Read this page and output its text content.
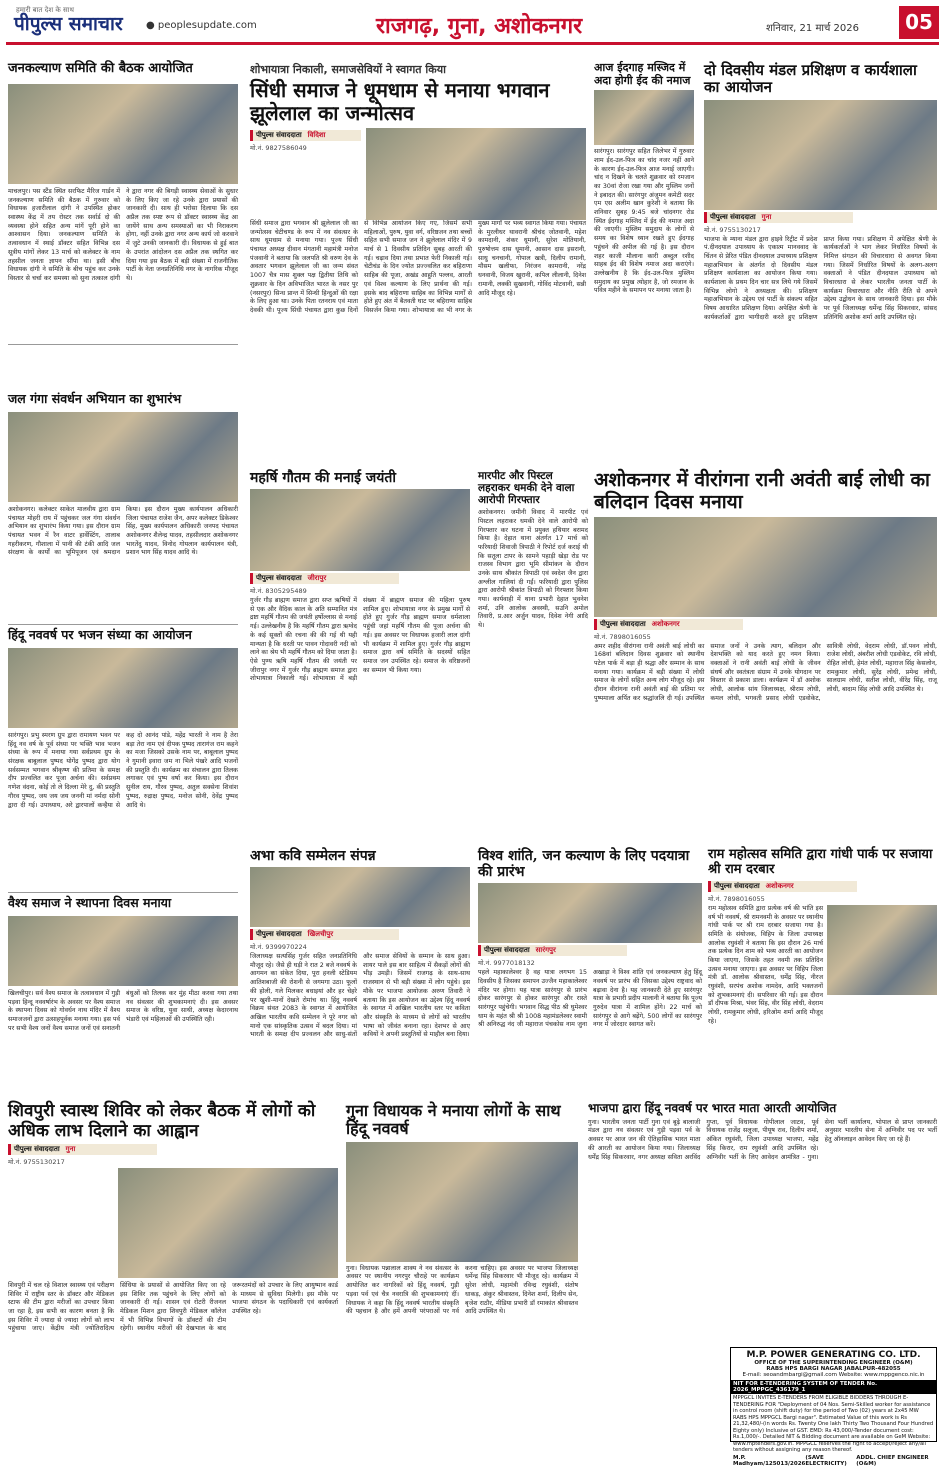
हमारी बात देश के साथ
पीपुल्स समाचार ● peoplesupdate.com	राजगढ़, गुना, अशोकनगर	शनिवार, 21 मार्च 2026	05
जनकल्याण समिति की बैठक आयोजित
माचलपुर। पस स्टैंड स्थित सरफिट मैरिज गार्डन में जनकल्याण समिति की बैठक में गुरुवार को विधायक हजारीलाल दांगी ने उपस्थित होकर स्वास्थ्य केंद्र में तय रोस्टर तक सर्वार्ड दो की व्यवस्था होने सहित अन्य मांगें पूरी होने का आश्वासन दिया। जनकल्याण समिति के तत्वावधान में स्थाई डॉक्टर सहित विभिन्न दस सूत्रीय मांगों लेकर 13 मार्च को कलेक्टर के नाम तहसील जनता ज्ञापन सौंपा था। इसी बीच विधायक दांगी ने समिति के बीच पहुंच कर उनके विस्तार से चर्चा कर समस्या को सुना तत्काल दांगी ने द्वारा नगर की बिगड़ी स्वास्थ्य सेवाओं के सुधार के लिए किए जा रहे उनके द्वारा प्रयासों की जानकारी दी। साथ ही भरोसा दिलाया कि दस अप्रैल तक स्पष्ट रूप से डॉक्टर स्वास्थ्य केंद्र आ जायेंगे साथ अन्य समस्याओं का भी निराकरण होगा, नहीं उनके द्वारा नगर अन्य कार्य जो करवाने में जुटे उनकी जानकारी दी। विधायक से हुई बात के उपरांत आंदोलन दस अप्रैल तक स्थगित कर दिया गया इस बैठक में बड़ी संख्या में राजनीतिक पार्टी के नेता जनप्रतिनिधि नगर के नागरिक मौजूद थे।
जल गंगा संवर्धन अभियान का शुभारंभ
अशोकनगर। कलेक्टर साकेत मालवीय द्वारा ग्राम पंचायत मोहरी राय में पहुंचकर जल गंगा संवर्धन अभियान का शुभारंभ किया गया। इस दौरान ग्राम पंचायत भवन में रैन वाटर हार्वेस्टिंग, तालाब गहरीकरण, गौशाला में पानी की टंकी आदि जल संरक्षण के कार्यों का भूमिपूजन एवं श्रमदान किया। इस दौरान मुख्य कार्यपालन अधिकारी जिला पंचायत राजेश जैन, अपर कलेक्टर डिकेश्वर सिंह, मुख्य कार्यपालन अधिकारी जनपद पंचायत अशोकनगर शैलेन्द्र यादव, तहसीलदार अशोकनगर भारतेंदु यादव, विनोद गोयलान कार्यपालन यंत्री, प्रशान भाग सिंह यादव आदि थे।
हिंदू नववर्ष पर भजन संध्या का आयोजन
सारंगपुर। प्रभु स्मरण ग्रुप द्वारा रामायण भवन पर हिंदू नव वर्ष के पूर्व संध्या पर भक्ति भाव भजन संध्या के रूप में मनाया गया सर्वप्रथम ग्रुप के संरक्षक बाबूलाल पुष्पद योगेंद्र पुष्पद द्वारा योग सर्वसम्मत भगवान श्रीकृष्ण की प्रतिमा के समक्ष दीप प्रज्वलित कर पूजा अर्चना की। सर्वप्रथम गणेश वंदना, कोई तो ले दिल्ला मेरे दु, की प्रस्तुति गौरव पुष्पद, जय जय जय जननी मां नर्मदा सोनी द्वारा दी गई। उपाध्याय, अरे द्वारपालों कन्हैया से कह दो आनंद पांडे, महेंद्र भारती ने नाम है तेरा बड़ा तेरा नाम एवं दीपक पुष्पद तारागंज राम कहने का मजा जिसको उसके नाम पर, बाबूलाल पुष्पद ने गुमानी इवारा जम ना भिले पंखरे आदि भजनों की प्रस्तुति दी। कार्यक्रम का संचालन द्वारा तिलक लगाकर एवं पुष्प वर्षा कर किया। इस दौरान सुनील राय, गौरव पुष्पद, अतुल सक्सेना शिवांश पुष्पद, रुद्राक्ष पुष्पद, मनोज सोनी, देवेंद्र पुष्पद आदि थे।
वैश्य समाज ने स्थापना दिवस मनाया
खिलचीपुर। सर्व वैश्य समाज के तत्वावधान में गुड़ी पड़वा हिन्दू नववर्षारंभ के अवसर पर वैश्य समाज के स्थापना दिवस को गोवर्धन नाथ मंदिर में वैश्य समाजजनों द्वारा उत्साहपूर्वक मनाया गया। इस पर्व पर सभी वैश्य जनों वैश्य समाज जनों एवं सनातनी बंधुओं को तिलक कर मुंह मीठा करवा गया तथा नव संवत्सर की शुभकामनाएं दी। इस अवसर समाज के वरिष्ठ, युवा साथी, अध्यक्ष केदारनाथ भंडारी एवं महिलाओं की उपस्थिति रही।
शोभायात्रा निकाली, समाजसेवियों ने स्वागत किया
सिंधी समाज ने धूमधाम से मनाया भगवान झूलेलाल का जन्मोत्सव
पीपुल्स संवाददाता विदिशा
मो.नं. 9827586049
सिंधी समाज द्वारा भगवान श्री झूलेलाल जी का जन्मोत्सव चेटीचण्ड के रूप में नव संवत्सर के साथ धूमधाम से मनाया गया। पूज्य सिंधी पंचायत अध्यक्ष दीवान मंगतानी महामंत्री मनोज पंजवानी ने बताया कि जलपति श्री वरुण देव के अवतार भगवान झूलेलाल जी का जन्म संवत 1007 चैत्र मास शुक्ल पक्ष द्वितीया तिथि को शुक्रवार के दिन अविभाजित भारत के नसर पुर (नसरपुर) सिन्ध प्रान्त में सिन्धी हिन्दुओं की रक्षा के लिए हुआ था। उनके पिता रतनराय एवं माता देवकी थी। पूज्य सिंधी पंचायत द्वारा कुछ दिनों से विभिन्न आयोजन किए गए, जिसमें सभी महिलाओं, पुरुष, युवा वर्ग, वरिष्ठजन तथा बच्चों सहित सभी समाज जन ने झूलेलाल मंदिर में 9 मार्च से 1 दिवसीय प्रतिदिन सुबह आरती की गई। चढ़ाव दिया तथा प्रभात फेरी निकाली गई। चेटीचंड के दिन ज्योत प्रज्ज्वलित कर बहिराणा साहिब की पूजा, अखंड आहुति पल्लव, आरती एवं विश्व कल्याण के लिए प्रार्थना की गई। इसके बाद बहिराणा साहिब का विभिन्न मार्गों से होते हुए अंत में बैतवती घाट पर बहिराणा साहिब विसर्जन किया गया। शोभायात्रा का भी नगर के मुख्य मार्गों पर भव्य स्वागत किया गया। पंचायत के मुरलीधर थावरानी श्रीचंद जोतवानी, महेश कामदानी, शंकर धूमानी, सुरेश मोतियानी, पुरुषोत्तम दास धूमानी, आसान दास इसरानी, साधु चनचानी, गोपाल खत्री, दिलीप रामानी, मौसम खलीफा, निरंजन कामरानी, नरेंद्र धनवानी, विजय खुरानी, कपिल लीलानी, दिनेश रामानी, लक्की सुखवानी, गोविंद मोटवानी, सन्नी आदि मौजूद रहे।
आज ईदगाह मस्जिद में अदा होगी ईद की नमाज
सारंगपुर। सारंगपुर सहित जिलेभर में गुरुवार शाम ईद-उल-फित्र का चांद नजर नहीं आने के कारण ईद-उल-फित्र आज मनाई जाएगी। चांद न दिखने के चलते शुक्रवार को रमजान का 30वां रोजा रखा गया और मुस्लिम जनों ने इबादत की। सारंगपुर अंजुमन कमेटी सदर एम एस अलीम खान कुरेशी ने बताया कि शनिवार सुबह 9:45 बजे चांदनगर रोड स्थित ईदगाह मस्जिद में ईद की नमाज अदा की जाएगी। मुस्लिम समुदाय के लोगों से समय का विशेष ध्यान रखते हुए ईदगाह पहुंचने की अपील की गई है। इस दौरान शहर काजी मौलाना कारी अब्दुल रशीद साहब ईद की विशेष नमाज अदा कराएंगे। उल्लेखनीय है कि ईद-उल-फित्र मुस्लिम समुदाय का प्रमुख त्योहार है, जो रमजान के पवित्र महीने के समापन पर मनाया जाता है।
दो दिवसीय मंडल प्रशिक्षण व कार्यशाला का आयोजन
पीपुल्स संवाददाता गुना
मो.नं. 9755130217
भाजपा के म्याना मंडल द्वारा हाइवे रिट्रीट में प्रदेश पं.दीनदयाल उपाध्याय के एकात्म मानववाद के चिंतन से प्रेरित पंडित दीनदयाल उपाध्याय प्रशिक्षण महाअभियान के अंतर्गत दो दिवसीय मंडल प्रशिक्षण कार्यशाला का आयोजन किया गया। कार्यशाला के प्रथम दिन चार सत्र लिये गये जिसमें विभिन्न लोगो ने अध्यक्षता की। प्रशिक्षण महाअभियान के उद्देश्य एवं पार्टी के संकल्प सहित विषय आधारित प्रशिक्षण दिया। अपेक्षित श्रेणी के कार्यकर्ताओं द्वारा भागीदारी करते हुए प्रशिक्षण प्राप्त किया गया। प्रशिक्षण में अपेक्षित श्रेणी के कार्यकर्ताओं ने भाग लेकर निर्धारित विषयों के निमित्त संगठन की विचारधारा से अवगत किया गया। जिसमें निर्धारित विषयों के अलग-अलग वक्ताओं ने पंडित दीनदयाल उपाध्याय को विचारधारा से लेकर भारतीय जनता पार्टी के कार्यक्रम विचारधारा और नीति रीति से अपने उद्देश्य उद्बोधन के साथ जानकारी दिया। इस मौके पर पूर्व जिलाध्यक्ष धर्मेन्द्र सिंह सिकरवार, सांसद प्रतिनिधि अशोक शर्मा आदि उपस्थित रहे।
महर्षि गौतम की मनाई जयंती
पीपुल्स संवाददाता जीरापुर
मो.नं. 8305295489
गुर्जर गौड़ ब्राह्मण समाज द्वारा सप्त ऋषियों में से एक और वैदिक काल के अति सम्मानित मंत्र द्रष्टा महर्षि गौतम की जयंती हर्षोल्लास से मनाई गई। उल्लेखनीय है कि महर्षि गौतम द्वारा ऋग्वेद के कई सूक्तों की रचना की की गई थी यही मान्यता है कि धरती पर पावन गोदावरी नदी को लाने का श्रेय भी महर्षि गौतम को दिया जाता है। ऐसे पुण्य ऋषि महर्षि गौतम की जयंती पर जीरापुर नगर में गुर्जर गौड़ ब्राह्मण समाज द्वारा शोभायात्रा निकाली गई। शोभायात्रा में बड़ी संख्या में ब्राह्मण समाज की महिला पुरुष शामिल हुए। शोभायात्रा नगर के प्रमुख मार्गों से होते हुए गुर्जर गौड़ ब्राह्मण समाज धर्मशाला पहुंची जहां महर्षि गौतम की पूजा अर्चना की गई। इस अवसर पर विधायक हजारी लाल दांगी भी कार्यक्रम में शामिल हुए। गुर्जर गौड़ ब्राह्मण समाज द्वारा वर्ष समिति के सदस्यों सहित समाज जन उपस्थित रहे। समाज के वरिष्ठजनों का सम्मान भी किया गया।
मारपीट और पिस्टल लहराकर धमकी देने वाला आरोपी गिरफ्तार
अशोकनगर। जमीनी विवाद में मारपीट एवं पिस्टल लहराकर धमकी देने वाले आरोपी को गिरफ्तार कर घटना में प्रयुक्त हथियार बरामद किया है। देहात थाना अंतर्गत 17 मार्च को फरियादी शिवाजी त्रिपाठी ने रिपोर्ट दर्ज कराई थी कि सतूला टापर के सामने पहाड़ी खेड़ा रोड पर राजस्व विभाग द्वारा भूमि सीमांकन के दौरान उनके साथ श्रीकांत त्रिपाठी एवं स्वदेश जैन द्वारा अश्लील गालियां दी गईं। फरियादी द्वारा पुलिस द्वारा आरोपी श्रीकांत त्रिपाठी को गिरफ्तार किया गया। कार्यवाही में थाना प्रभारी देहात भुवनेश शर्मा, उनि आलोक अवस्थी, सउनि अमोल तिवारी, प्र.आर अर्जुन यादव, दिवेश नेगी आदि थे।
अशोकनगर में वीरांगना रानी अवंती बाई लोधी का बलिदान दिवस मनाया
पीपुल्स संवाददाता अशोकनगर
मो.नं. 7898016055
अमर शहीद वीरांगना रानी अवंती बाई लोधी का 168वां बलिदान दिवस शुक्रवार को स्थानीय पटेल पार्क में बड़ा ही श्रद्धा और सम्मान के साथ मनाया गया। कार्यक्रम में बड़ी संख्या में लोधी समाज के लोगों सहित अन्य लोग मौजूद रहे। इस दौरान वीरांगना रानी अवंती बाई की प्रतिमा पर पुष्पमाला अर्पित कर श्रद्धांजलि दी गई। उपस्थित समाज जनों ने उनके त्याग, बलिदान और देशभक्ति को याद करते हुए नमन किया। वक्ताओं ने रानी अवंती बाई लोधी के जीवन संघर्ष और स्वतंत्रता संग्राम में उनके योगदान पर विस्तार से प्रकाश डाला। कार्यक्रम में डॉ अशोक लोधी, आलोक सांय जिलाध्यक्ष, श्रीराम लोधी, कमल लोधी, भगवती प्रसाद लोधी एडवोकेट, सावित्री लोधी, वेदराम लोधी, डॉ.पवन लोधी, राजेश लोधी, अंबरीश लोधी एडवोकेट, रवि लोधी, रोहित लोधी, हेमंत लोधी, महाराज सिंह केसलोन, रामकुमार लोधी, सुरेंद्र लोधी, प्रमेन्द्र लोधी, सालग्राम लोधी, सतीश लोधी, वीरेंद्र सिंह, राजू लोधी, बादाम सिंह लोधी आदि उपस्थित थे।
अभा कवि सम्मेलन संपन्न
पीपुल्स संवाददाता खिलचीपुर
मो.नं. 9399970224
जिलाध्यक्ष सत्यसिंह गुर्जर सहित जनप्रतिनिधि मौजूद रहे। जैसे ही घड़ी ने रात 2 बजे नववर्ष के आगमन का संकेत दिया, पूरा हनली स्टेडियम आतिशबाजी की रोशनी से जगमगा उठा। फूलों की होली, गले मिलकर बधाइयां और हर चेहरे पर खुशी-मानों देखते रोमांच था। हिंदू नववर्ष विक्रम संवत 2083 के स्वागत में आयोजित अखिल भारतीय कवि सम्मेलन ने पूरे नगर को मानो एक सांस्कृतिक उत्सव में बदल दिया। मां भारती के समक्ष दीप प्रज्वलन और साधु-संतों और समाज सेवियों के सम्मान के साथ हुआ। शायर पाले इस बार साहित्य में सैकड़ों लोगों की भीड़ उमड़ी। जिसमें राजगढ़ के साथ-साथ राजस्थान से भी बड़ी संख्या में लोग पहुंचे। इस मौके पर भाजपा आयोजक अरुण तिवारी ने बताया कि इस आयोजन का उद्देश्य हिंदू नववर्ष के स्वागत में अखिल भारतीय स्तर पर कविता और संस्कृति के माध्यम से लोगों को भारतीय भाषा को जीवंत बनाना रहा। देशभर से आए कवियों ने अपनी प्रस्तुतियों से माहौल बना दिया।
विश्व शांति, जन कल्याण के लिए पदयात्रा की प्रारंभ
पीपुल्स संवाददाता सारंगपुर
मो.नं. 9977018132
पहले महाकालेश्वर है वह यात्रा लगभग 15 दिवसीय है जिसका समापन उज्जैन महाकालेश्वर मंदिर पर होगा। यह यात्रा सारंगपुर से प्रारंभ होकर सारंगपुर से होकर सारंगपुर और रास्ते सारंगपुर पहुंचेगी। भगवान सिद्ध पीठ श्री घुमेश्वर धाम के महंत श्री श्री 1008 महामंडलेश्वर स्वामी श्री अनिरुद्ध नंद जी महाराज पंचकोस नाम जुना अखाड़ा ने विश्व शांति एवं जनकल्याण हेतु हिंदू नववर्ष पर प्रारंभ की जिसका उद्देश्य राष्ट्रवाद को बढ़ावा देना है। यह जानकारी देते हुए सारंगपुर यात्रा के प्रभारी प्रदीप मालानी ने बताया कि पूज्य गुरुदेव यात्रा में शामिल होंगे। 22 मार्च को सारंगपुर से आगे बढ़ेंगे, 500 लोगों का सारंगपुर नगर में जोरदार स्वागत करें।
राम महोत्सव समिति द्वारा गांधी पार्क पर सजाया श्री राम दरबार
पीपुल्स संवाददाता अशोकनगर
मो.नं. 7898016055
राम महोत्सव समिति द्वारा प्रत्येक वर्ष की भांति इस वर्ष भी नववर्ष, श्री रामनवमी के अवसर पर स्थानीय गांधी पार्क पर श्री राम दरबार सजाया गया है। समिति के संयोजक, विहिप के जिला उपाध्यक्ष आलोक रघुवंशी ने बताया कि इस दौरान 26 मार्च तक प्रत्येक दिन शाम को भव्य आरती का आयोजन किया जाएगा, जिसके तहत नवमी तक प्रतिदिन उत्सव मनाया जाएगा। इस अवसर पर विहिप जिला मंत्री डॉ. आलोक श्रीवास्तव, धर्मेंद्र सिंह, नीरज रघुवंशी, सरपंच अशोक नामदेव, आदि भक्तजनों को शुभकामनाएं दी। सपरिवार की गई। इस दौरान डॉ दीपक मिश्रा, भंवर सिंह, वीर सिंह लोधी, वेदराम लोधी, रामकुमार लोधी, हरिओम शर्मा आदि मौजूद रहे।
शिवपुरी स्वास्थ शिविर को लेकर बैठक में लोगों को अधिक लाभ दिलाने का आह्वान
पीपुल्स संवाददाता गुना
मो.नं. 9755130217
शिवपुरी में चल रहे विशाल स्वास्थ्य एवं परीक्षण शिविर में राष्ट्रीय स्तर के डॉक्टर और मेडिकल स्टाफ की टीम द्वारा मरीजों का उपचार किया जा रहा है, इस सभी का कारण बनता है कि इस शिविर में ज्यादा से ज्यादा लोगों को लाभ पहुंचाया जाए। केंद्रीय मंत्री ज्योतिरादित्य सिंधिया के प्रयासों से आयोजित किए जा रहे इस शिविर तक पहुंचने के लिए लोगों को जानकारी दी गई। शासन एवं रोटरी रीजनल मेडिकल मिशन द्वारा शिवपुरी मेडिकल कॉलेज में भी विभिन्न विभागों के डॉक्टरों की टीम रहेगी। स्थानीय मरीजों की देखभाल के बाद जरूरतमंदों को उपचार के लिए आयुष्मान कार्ड के माध्यम से सुविधा मिलेगी। इस मौके पर भाजपा संगठन के पदाधिकारी एवं कार्यकर्ता उपस्थित रहे।
गुना विधायक ने मनाया लोगों के साथ हिंदू नववर्ष
गुना। विधायक पन्नालाल शाक्य ने नव संवत्सर के अवसर पर स्थानीय नगरपुर चौराहे पर कार्यक्रम आयोजित कर नागरिकों को हिंदू नववर्ष, गुड़ी पड़वा पर्व एवं चैत्र नवरात्रि की शुभकामनाएं दीं। विधायक ने कहा कि हिंदू नववर्ष भारतीय संस्कृति की पहचान है और हमें अपनी परंपराओं पर गर्व करना चाहिए। इस अवसर पर भाजपा जिलाध्यक्ष धर्मेन्द्र सिंह सिकरवार भी मौजूद रहे। कार्यक्रम में सुरेश लोधी, महामंत्री रविन्द्र रघुवंशी, संतोष धाकड़, अंकुर श्रीवास्तव, दिनेश शर्मा, दिलीप सेन, बृजेश राठौर, मीडिया प्रभारी डॉ रमाकांत श्रीवास्तव आदि उपस्थित थे।
भाजपा द्वारा हिंदू नववर्ष पर भारत माता आरती आयोजित
गुना। भारतीय जनता पार्टी गुना एवं बूढ़े बालाजी मंडल द्वारा नव संवत्सर एवं गुड़ी पड़वा पर्व के अवसर पर आज जन की ऐतिहासिक भारत माता की आरती का आयोजन किया गया। जिलाध्यक्ष धर्मेंद्र सिंह सिकरवार, नगर अध्यक्ष सविता अरविंद गुप्ता, पूर्व विधायक गोपीलाल जाटव, पूर्व विधायक राजेंद्र सलूजा, पीयूष राव, दिलीप शर्मा, अंकित रघुवंशी, जिला उपाध्यक्ष भाजपा, महेंद्र सिंह किरार, राम रघुवंशी आदि उपस्थित रहे। अग्निवीर भर्ती के लिए आवेदन आमंत्रित - गुना। सेना भर्ती कार्यालय, भोपाल से प्राप्त जानकारी अनुसार भारतीय सेना में अग्निवीर पद पर भर्ती हेतु ऑनलाइन आवेदन किए जा रहे हैं।
M.P. POWER GENERATING CO. LTD.
OFFICE OF THE SUPERINTENDING ENGINEER (O&M)
RABS HPS BARGI NAGAR JABALPUR-482055
E-mail: seoandmbargi@gmail.com Website: www.mppgenco.nic.in
NIT FOR E-TENDERING SYSTEM OF TENDER No. 2026_MPPGC_436179_1
MPPGCL INVITES E-TENDERS FROM ELIGIBLE BIDDERS THROUGH E-TENDERING FOR "Deployment of 04 Nos. Semi-Skilled worker for assistance in control room (shift duty) for the period of Two (02) years at 2x45 MW RABS HPS MPPGCL Bargi nagar". Estimated Value of this work is Rs 21,32,480/-(in words Rs. Twenty One lakh Thirty Two Thousand Four Hundred Eighty only) Inclusive of GST. EMD: Rs 43,000/-Tender document cost: Rs.1,000/-. Detailed NIT & Bidding document are available on GeM Website: www.mptenders.gov.in. MPPGCL reserves the right to accept/reject any/all tenders without assigning any reason thereof.
M.P. Madhyam/125013/2026
(SAVE ELECTRICITY)
ADDL. CHIEF ENGINEER (O&M)
